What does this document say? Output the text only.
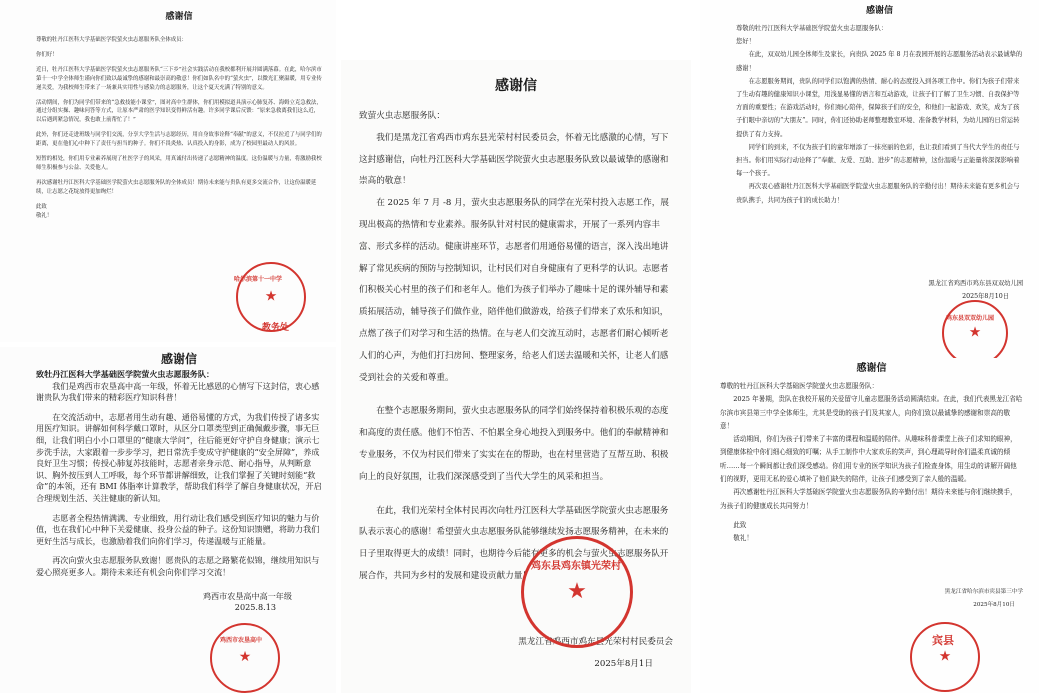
感谢信

尊敬的牡丹江医科大学基础医学院萤火虫志愿服务队全体成员：

你们好！

近日，牡丹江医科大学基础医学院萤火虫志愿服务队“三下乡”社会实践活动在我校都利开展并圆满落幕。在此，哈尔滨市第十一中学全体师生谨向你们致以最诚挚的感谢和最崇高的敬意！你们如队名中的“萤火虫”，以微光汇聚温暖，用专业传递关爱，为我校师生带来了一场兼具实用性与感染力的志愿服务，让这个夏天充满了特别的意义。

活动期间，你们为同学们带来的“急救技能小课堂”，图对高中生群体，你们用模拟道具演示心肺复苏、海姆立克急救法，通过分组实操、趣味问答等方式，让原本严肃的医学知识变得鲜活有趣。许多同学课后反馈：“原来急救离我们这么近，以后遇到紧急情况，我也敢上前帮忙了！”

此外，你们还走进班级与同学们交流，分享大学生活与志愿经历，用自身故事诠释“奉献”的意义，不仅拉近了与同学们的距离，更在他们心中种下了责任与担当的种子。你们不畏炎热、认真投入的身影，成为了校园里最动人的风景。

短暂的相处，你们用专业素养展现了杜医学子的风采，用真诚付出传递了志愿精神的温度。这份温暖与力量，将激励我校师生积极参与公益、关爱他人。

再次感谢牡丹江医科大学基础医学院萤火虫志愿服务队的全体成员！期待未来能与贵队有更多交流合作，让这份温暖延续，让志愿之花绽放得更加绚烂！

此致

敬礼！

★
哈尔滨第十一中学
教务处

感谢信

致萤火虫志愿服务队：

我们是黑龙江省鸡西市鸡东县光荣村村民委员会，怀着无比感激的心情，写下这封感谢信，向牡丹江医科大学基础医学院萤火虫志愿服务队致以最诚挚的感谢和崇高的敬意！

在 2025 年 7 月 -8 月，萤火虫志愿服务队的同学在光荣村投入志愿工作，展现出极高的热情和专业素养。服务队针对村民的健康需求，开展了一系列内容丰富、形式多样的活动。健康讲座环节，志愿者们用通俗易懂的语言，深入浅出地讲解了常见疾病的预防与控制知识，让村民们对自身健康有了更科学的认识。志愿者们积极关心村里的孩子们和老年人。他们为孩子们举办了趣味十足的课外辅导和素质拓展活动，辅导孩子们做作业，陪伴他们做游戏，给孩子们带来了欢乐和知识，点燃了孩子们对学习和生活的热情。在与老人们交流互动时，志愿者们耐心倾听老人们的心声，为他们打扫房间、整理家务，给老人们送去温暖和关怀，让老人们感受到社会的关爱和尊重。

在整个志愿服务期间，萤火虫志愿服务队的同学们始终保持着积极乐观的态度和高度的责任感。他们不怕苦、不怕累全身心地投入到服务中。他们的奉献精神和专业服务，不仅为村民们带来了实实在在的帮助，也在村里营造了互帮互助、积极向上的良好氛围，让我们深深感受到了当代大学生的风采和担当。

在此，我们光荣村全体村民再次向牡丹江医科大学基础医学院萤火虫志愿服务队表示衷心的感谢！希望萤火虫志愿服务队能够继续发扬志愿服务精神，在未来的日子里取得更大的成绩！同时，也期待今后能有更多的机会与萤火虫志愿服务队开展合作，共同为乡村的发展和建设贡献力量！

黑龙江省鸡西市鸡东县光荣村村民委员会

2025年8月1日

★
鸡东县鸡东镇光荣村

感谢信

尊敬的牡丹江医科大学基础医学院萤火虫志愿服务队：

您好！

在此，双双幼儿园全体师生及家长，向贵队 2025 年 8 月在我园开展的志愿服务活动表示最诚挚的感谢！

在志愿服务期间，贵队的同学们以饱满的热情、耐心的态度投入到各项工作中。你们为孩子们带来了生动有趣的健康知识小课堂，用浅显易懂的语言和互动游戏，让孩子们了解了卫生习惯、自我保护等方面的重要性；在游戏活动时，你们细心陪伴，保障孩子们的安全，和他们一起游戏、欢笑，成为了孩子们眼中亲切的“大朋友”。同时，你们还协助老师整理教室环境、准备教学材料，为幼儿园的日常运转提供了有力支持。

同学们的到来，不仅为孩子们的童年增添了一抹亮丽的色彩，也让我们看到了当代大学生的责任与担当。你们用实际行动诠释了“奉献、友爱、互助、进步”的志愿精神，这份温暖与正能量将深深影响着每一个孩子。

再次衷心感谢牡丹江医科大学基础医学院萤火虫志愿服务队的辛勤付出！期待未来能有更多机会与贵队携手，共同为孩子们的成长助力！

黑龙江省鸡西市鸡东县双双幼儿园

2025年8月10日

★
鸡东县双双幼儿园

感谢信

致牡丹江医科大学基础医学院萤火虫志愿服务队：

我们是鸡西市农垦高中高一年级，怀着无比感恩的心情写下这封信，衷心感谢贵队为我们带来的精彩医疗知识科普！

在交流活动中，志愿者用生动有趣、通俗易懂的方式，为我们传授了诸多实用医疗知识。讲解如何科学戴口罩时，从区分口罩类型到正确佩戴步骤，事无巨细，让我们明白小小口罩里的“健康大学问”，往后能更好守护自身健康；演示七步洗手法，大家跟着一步步学习，把日常洗手变成守护健康的“安全屏障”，养成良好卫生习惯；传授心肺复苏技能时，志愿者亲身示范、耐心指导，从判断意识、胸外按压到人工呼吸，每个环节都讲解细致，让我们掌握了关键时刻能“救命”的本领，还有 BMI 体脂率计算教学，帮助我们科学了解自身健康状况，开启合理规划生活、关注健康的新认知。

志愿者全程热情满满、专业细致，用行动让我们感受到医疗知识的魅力与价值，也在我们心中种下关爱健康、投身公益的种子。这份知识馈赠，将助力我们更好生活与成长，也激励着我们向你们学习，传递温暖与正能量。

再次向萤火虫志愿服务队致谢！愿贵队的志愿之路繁花似锦，继续用知识与爱心照亮更多人。期待未来还有机会向你们学习交流！

鸡西市农垦高中高一年级

2025.8.13

★
鸡西市农垦高中

感谢信

尊敬的牡丹江医科大学基础医学院萤火虫志愿服务队：

2025 年暑期，贵队在我校开展的关爱留守儿童志愿服务活动圆满结束。在此，我们代表黑龙江省哈尔滨市宾县第三中学全体师生，尤其是受助的孩子们及其家人，向你们致以最诚挚的感谢和崇高的敬意！

活动期间，你们为孩子们带来了丰富的课程和温暖的陪伴。从趣味科普课堂上孩子们求知的眼神，到健康体检中你们细心细致的叮嘱；从手工制作中大家欢乐的笑声，到心理疏导时你们温柔真诚的倾听……每一个瞬间都让我们深受感动。你们用专业的医学知识为孩子们检查身体，用生动的讲解开阔他们的视野，更用无私的爱心填补了他们缺失的陪伴，让孩子们感受到了亲人般的温暖。

再次感谢牡丹江医科大学基础医学院萤火虫志愿服务队的辛勤付出！期待未来能与你们继续携手，为孩子们的健康成长共同努力！

此致

敬礼！

黑龙江省哈尔滨市宾县第三中学

2025年8月10日

★
宾县
